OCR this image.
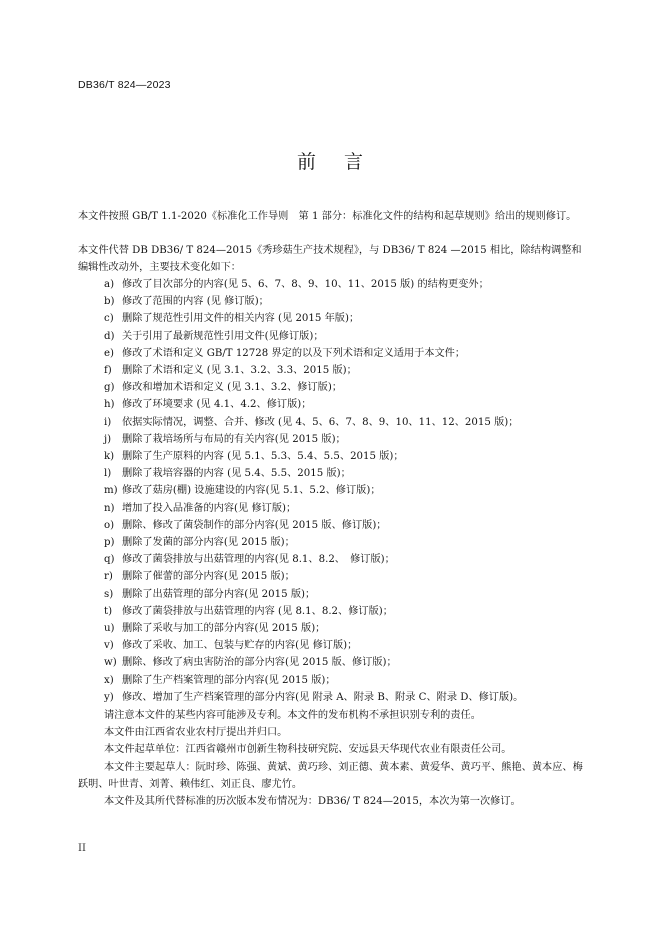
DB36/T 824—2023
前言
本文件按照 GB/T 1.1-2020《标准化工作导则　第 1 部分：标准化文件的结构和起草规则》给出的规则修订。
本文件代替 DB DB36/ T 824—2015《秀珍菇生产技术规程》，与 DB36/ T 824 —2015 相比，除结构调整和编辑性改动外，主要技术变化如下：
a) 修改了目次部分的内容(见 5、6、7、8、9、10、11、2015 版) 的结构更变外；
b) 修改了范围的内容 (见 修订版)；
c) 删除了规范性引用文件的相关内容 (见 2015 年版)；
d) 关于引用了最新规范性引用文件(见修订版)；
e) 修改了术语和定义 GB/T 12728 界定的以及下列术语和定义适用于本文件；
f)	删除了术语和定义 (见 3.1、3.2、3.3、2015 版)；
g) 修改和增加术语和定义 (见 3.1、3.2、修订版)；
h) 修改了环境要求 (见 4.1、4.2、修订版)；
i)	依据实际情况，调整、合并、修改 (见 4、5、6、7、8、9、10、11、12、2015 版)；
j)	删除了栽培场所与布局的有关内容(见 2015 版)；
k) 删除了生产原料的内容 (见 5.1、5.3、5.4、5.5、2015 版)；
l)	删除了栽培容器的内容 (见 5.4、5.5、2015 版)；
m) 修改了菇房(棚) 设施建设的内容(见 5.1、5.2、修订版)；
n) 增加了投入品准备的内容(见 修订版)；
o) 删除、修改了菌袋制作的部分内容(见 2015 版、修订版)；
p) 删除了发菌的部分内容(见 2015 版)；
q) 修改了菌袋排放与出菇管理的内容(见 8.1、8.2、　修订版)；
r) 删除了催蕾的部分内容(见 2015 版)；
s) 删除了出菇管理的部分内容(见 2015 版)；
t) 修改了菌袋排放与出菇管理的内容 (见 8.1、8.2、修订版)；
u) 删除了采收与加工的部分内容(见 2015 版)；
v) 修改了采收、加工、包装与贮存的内容(见 修订版)；
w) 删除、修改了病虫害防治的部分内容(见 2015 版、修订版)；
x) 删除了生产档案管理的部分内容(见 2015 版)；
y) 修改、增加了生产档案管理的部分内容(见 附录 A、附录 B、附录 C、附录 D、修订版)。

请注意本文件的某些内容可能涉及专利。本文件的发布机构不承担识别专利的责任。

本文件由江西省农业农村厅提出并归口。

本文件起草单位：江西省赣州市创新生物科技研究院、安远县天华现代农业有限责任公司。

本文件主要起草人：阮时珍、陈强、黄斌、黄巧珍、刘正德、黄本素、黄爱华、黄巧平、熊艳、黄本应、梅跃明、叶世青、刘菁、赖伟红、刘正良、廖尤竹。

本文件及其所代替标准的历次版本发布情况为：DB36/ T 824—2015，本次为第一次修订。

II
